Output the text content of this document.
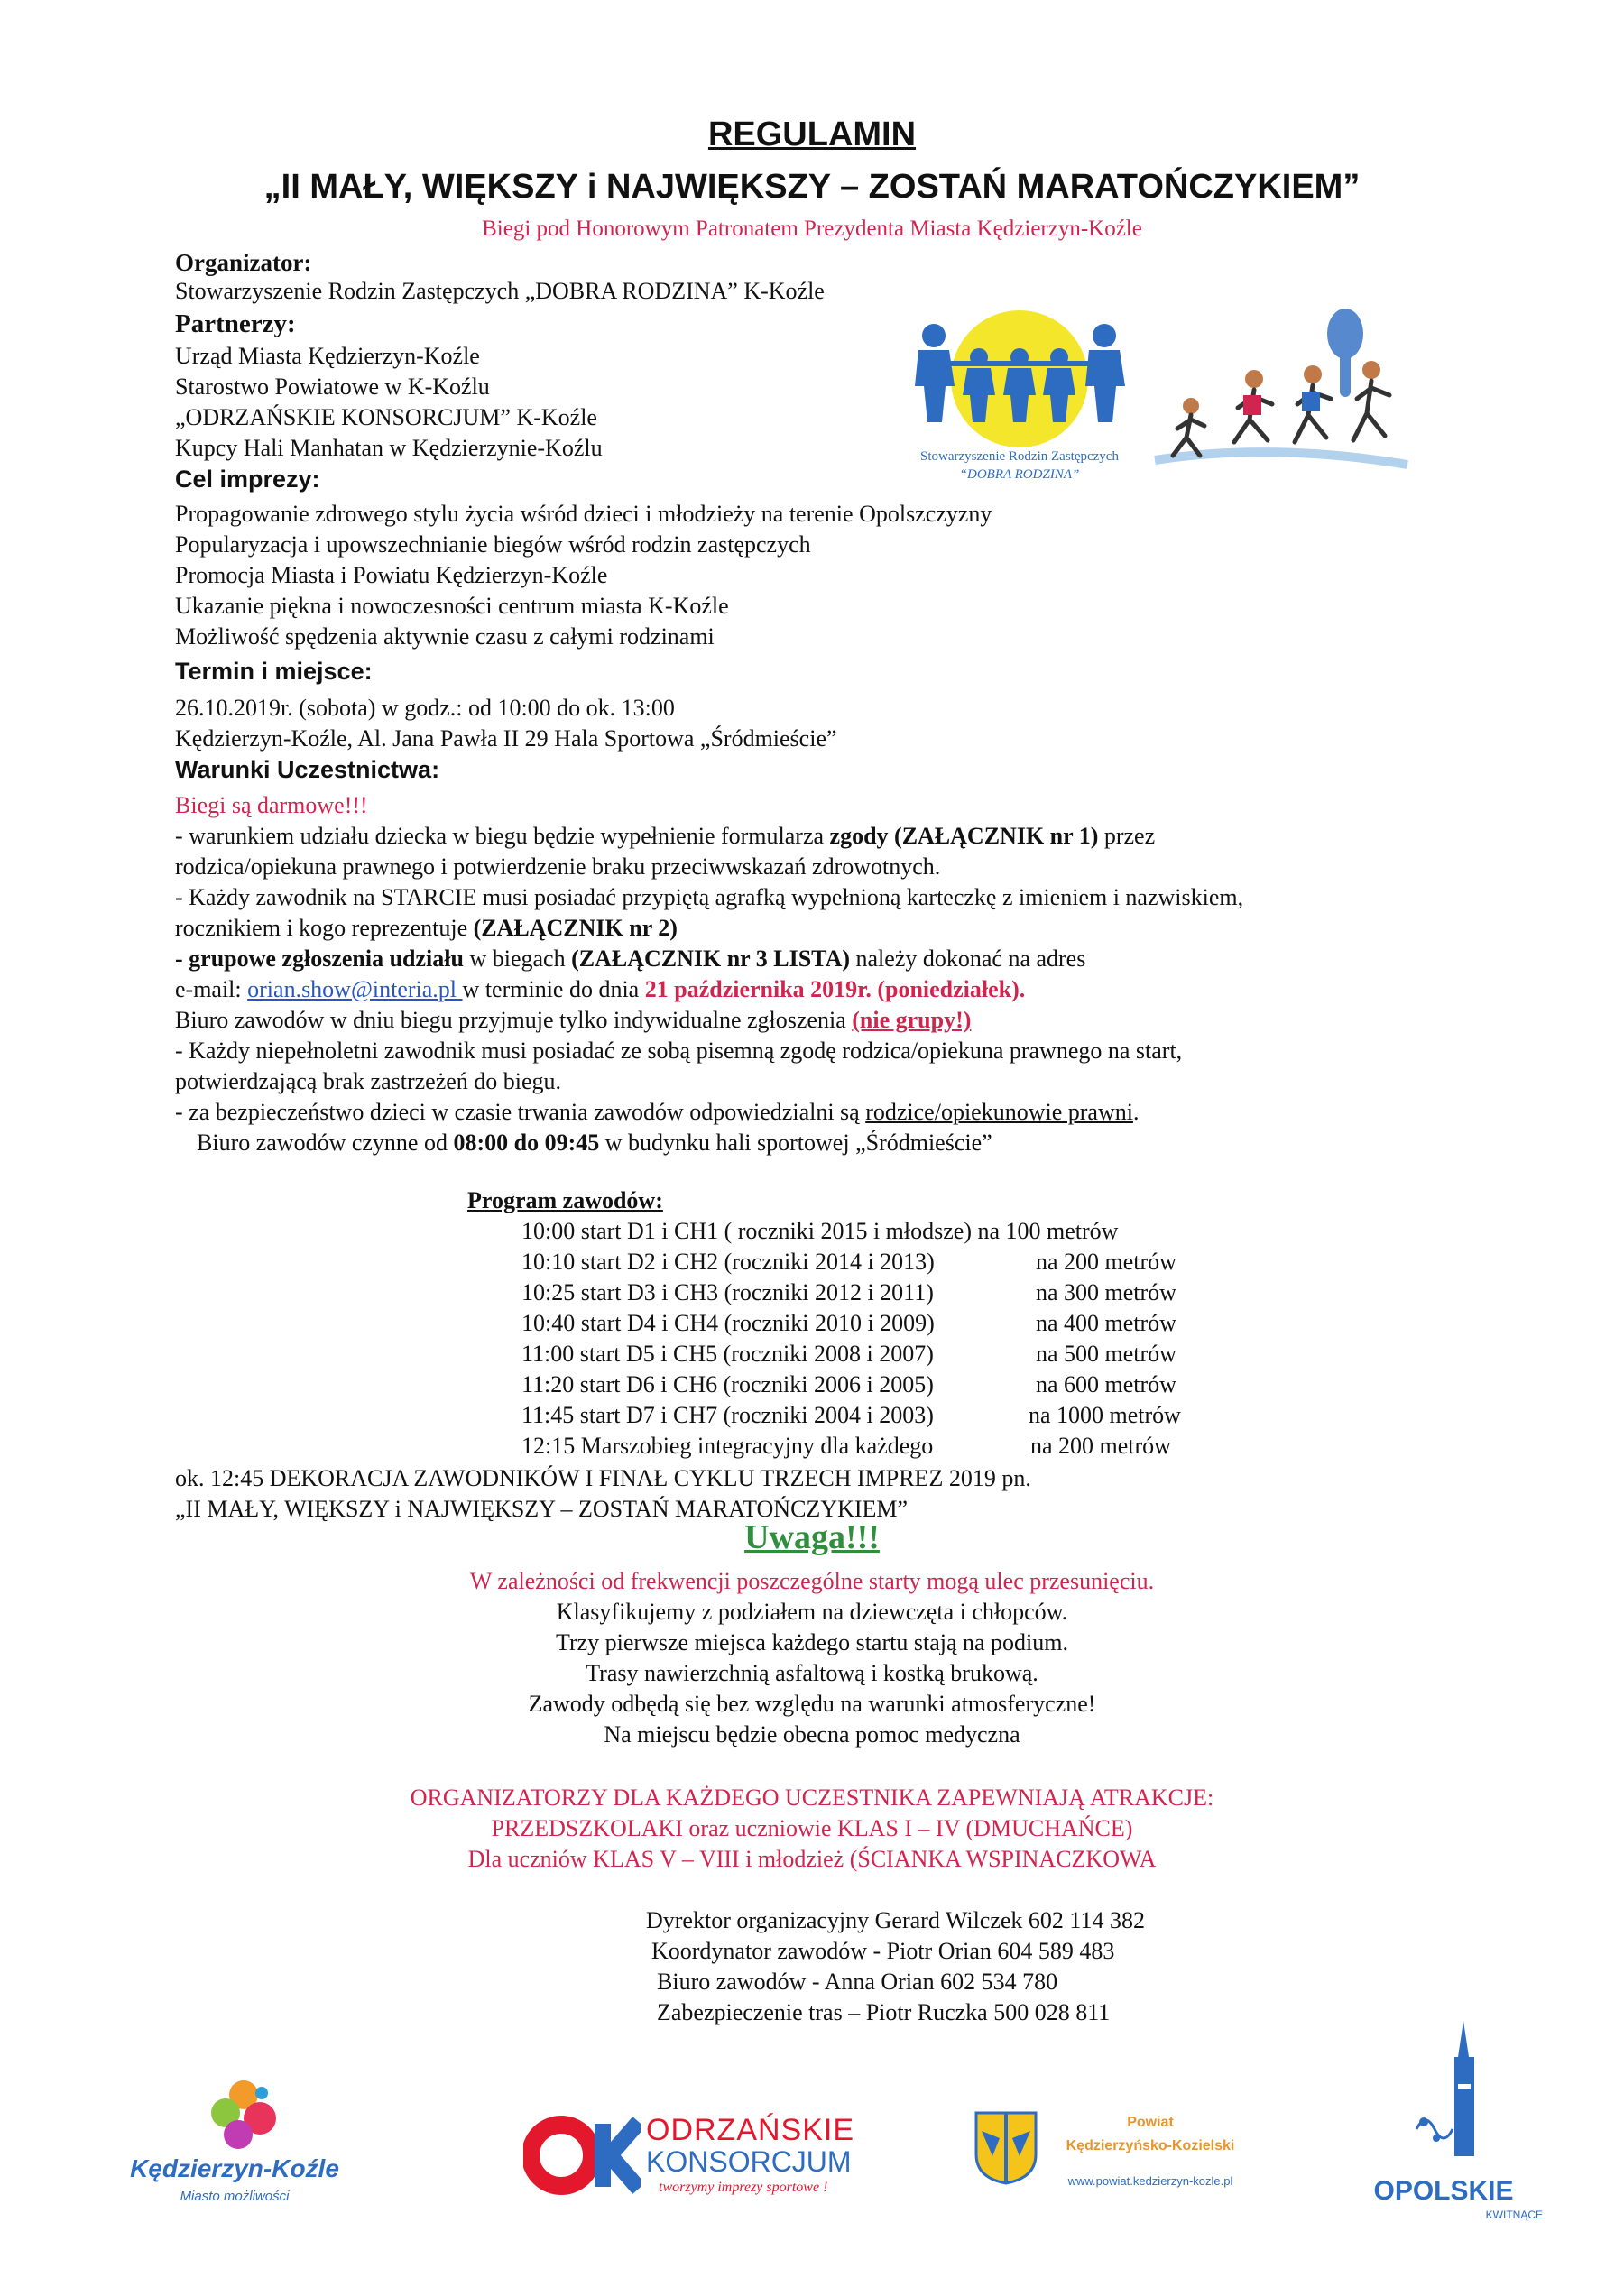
REGULAMIN
„II MAŁY, WIĘKSZY i NAJWIĘKSZY – ZOSTAŃ MARATOŃCZYKIEM”
Biegi pod Honorowym Patronatem Prezydenta Miasta Kędzierzyn-Koźle
Organizator:
Stowarzyszenie Rodzin Zastępczych „DOBRA RODZINA” K-Koźle
Partnerzy:
Urząd Miasta Kędzierzyn-Koźle
Starostwo Powiatowe w K-Koźlu
„ODRZAŃSKIE KONSORCJUM” K-Koźle
Kupcy Hali Manhatan w Kędzierzynie-Koźlu	Stowarzyszenie Rodzin Zastępczych
“DOBRA RODZINA”
Cel imprezy:
Propagowanie zdrowego stylu życia wśród dzieci i młodzieży na terenie Opolszczyzny
Popularyzacja i upowszechnianie biegów wśród rodzin zastępczych
Promocja Miasta i Powiatu Kędzierzyn-Koźle
Ukazanie piękna i nowoczesności centrum miasta K-Koźle
Możliwość spędzenia aktywnie czasu z całymi rodzinami
Termin i miejsce:
26.10.2019r. (sobota) w godz.: od 10:00 do ok. 13:00
Kędzierzyn-Koźle, Al. Jana Pawła II 29 Hala Sportowa „Śródmieście”
Warunki Uczestnictwa:
Biegi są darmowe!!!
- warunkiem udziału dziecka w biegu będzie wypełnienie formularza zgody (ZAŁĄCZNIK nr 1) przez
rodzica/opiekuna prawnego i potwierdzenie braku przeciwwskazań zdrowotnych.
- Każdy zawodnik na STARCIE musi posiadać przypiętą agrafką wypełnioną karteczkę z imieniem i nazwiskiem,
rocznikiem i kogo reprezentuje (ZAŁĄCZNIK nr 2)
- grupowe zgłoszenia udziału w biegach (ZAŁĄCZNIK nr 3 LISTA) należy dokonać na adres
e-mail: orian.show@interia.pl w terminie do dnia 21 października 2019r. (poniedziałek).
Biuro zawodów w dniu biegu przyjmuje tylko indywidualne zgłoszenia (nie grupy!)
- Każdy niepełnoletni zawodnik musi posiadać ze sobą pisemną zgodę rodzica/opiekuna prawnego na start,
potwierdzającą brak zastrzeżeń do biegu.
- za bezpieczeństwo dzieci w czasie trwania zawodów odpowiedzialni są rodzice/opiekunowie prawni.
Biuro zawodów czynne od 08:00 do 09:45 w budynku hali sportowej „Śródmieście”
Program zawodów:
10:00 start D1 i CH1 ( roczniki 2015 i młodsze) na 100 metrów
10:10 start D2 i CH2 (roczniki 2014 i 2013)	na 200 metrów
10:25 start D3 i CH3 (roczniki 2012 i 2011)	na 300 metrów
10:40 start D4 i CH4 (roczniki 2010 i 2009)	na 400 metrów
11:00 start D5 i CH5 (roczniki 2008 i 2007)	na 500 metrów
11:20 start D6 i CH6 (roczniki 2006 i 2005)	na 600 metrów
11:45 start D7 i CH7 (roczniki 2004 i 2003)	na 1000 metrów
12:15 Marszobieg integracyjny dla każdego	na 200 metrów
ok. 12:45 DEKORACJA ZAWODNIKÓW I FINAŁ CYKLU TRZECH IMPREZ 2019 pn.
„II MAŁY, WIĘKSZY i NAJWIĘKSZY – ZOSTAŃ MARATOŃCZYKIEM”
Uwaga!!!
W zależności od frekwencji poszczególne starty mogą ulec przesunięciu.
Klasyfikujemy z podziałem na dziewczęta i chłopców.
Trzy pierwsze miejsca każdego startu stają na podium.
Trasy nawierzchnią asfaltową i kostką brukową.
Zawody odbędą się bez względu na warunki atmosferyczne!
Na miejscu będzie obecna pomoc medyczna
ORGANIZATORZY DLA KAŻDEGO UCZESTNIKA ZAPEWNIAJĄ ATRAKCJE:
PRZEDSZKOLAKI oraz uczniowie KLAS I – IV (DMUCHAŃCE)
Dla uczniów KLAS V – VIII i młodzież (ŚCIANKA WSPINACZKOWA
Dyrektor organizacyjny Gerard Wilczek 602 114 382
Koordynator zawodów - Piotr Orian 604 589 483
Biuro zawodów - Anna Orian 602 534 780
Zabezpieczenie tras – Piotr Ruczka 500 028 811
Kędzierzyn-Koźle
Miasto możliwości
ODRZAŃSKIE
KONSORCJUM
tworzymy imprezy sportowe !
Powiat
Kędzierzyńsko-Kozielski
www.powiat.kedzierzyn-kozle.pl	OPOLSKIE
KWITNĄCE
